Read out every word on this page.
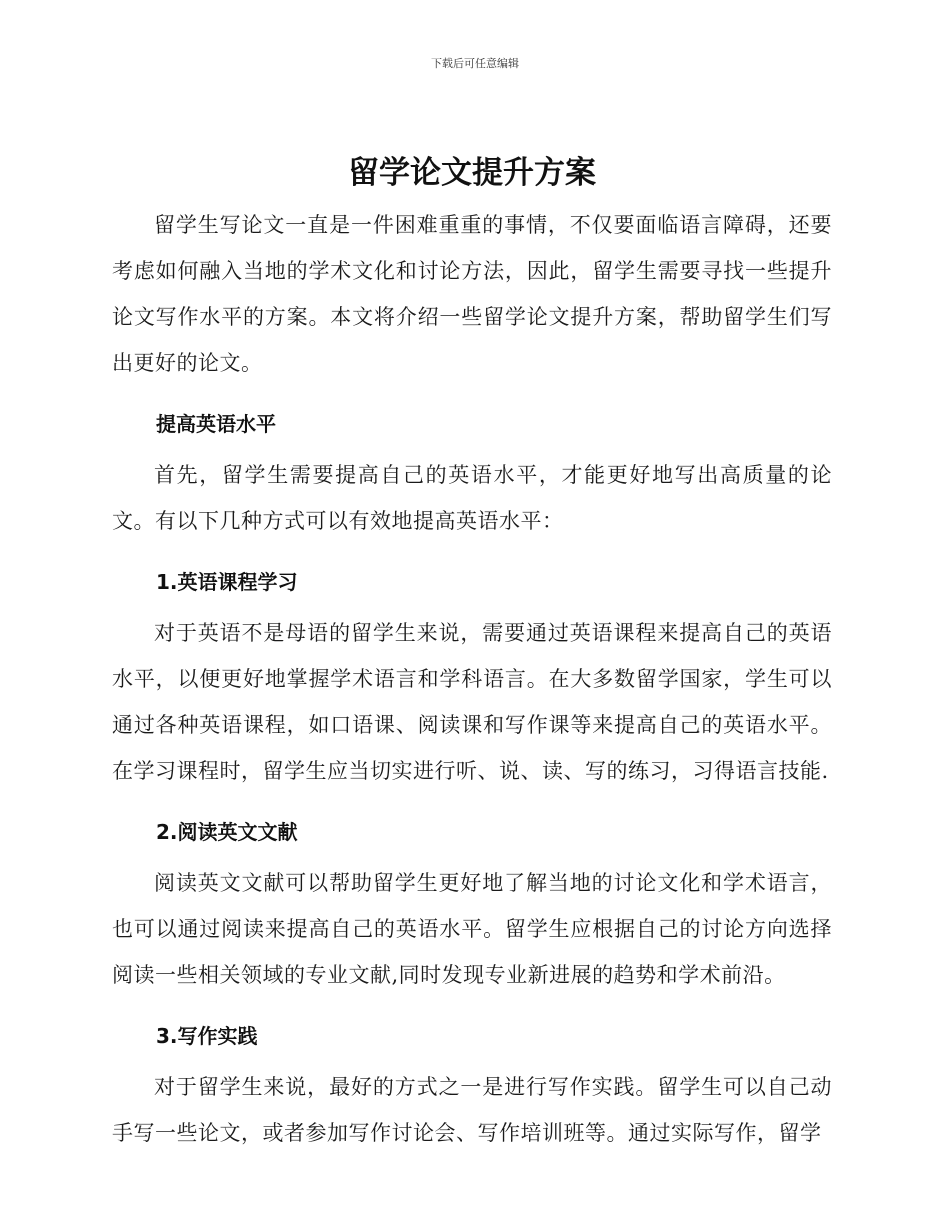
下载后可任意编辑
留学论文提升方案

留学生写论文一直是一件困难重重的事情，不仅要面临语言障碍，还要考虑如何融入当地的学术文化和讨论方法，因此，留学生需要寻找一些提升论文写作水平的方案。本文将介绍一些留学论文提升方案，帮助留学生们写出更好的论文。

提高英语水平

首先，留学生需要提高自己的英语水平，才能更好地写出高质量的论文。有以下几种方式可以有效地提高英语水平：

1.英语课程学习

对于英语不是母语的留学生来说，需要通过英语课程来提高自己的英语水平，以便更好地掌握学术语言和学科语言。在大多数留学国家，学生可以通过各种英语课程，如口语课、阅读课和写作课等来提高自己的英语水平。在学习课程时，留学生应当切实进行听、说、读、写的练习，习得语言技能.

2.阅读英文文献

阅读英文文献可以帮助留学生更好地了解当地的讨论文化和学术语言，也可以通过阅读来提高自己的英语水平。留学生应根据自己的讨论方向选择阅读一些相关领域的专业文献,同时发现专业新进展的趋势和学术前沿。

3.写作实践

对于留学生来说，最好的方式之一是进行写作实践。留学生可以自己动手写一些论文，或者参加写作讨论会、写作培训班等。通过实际写作，留学
